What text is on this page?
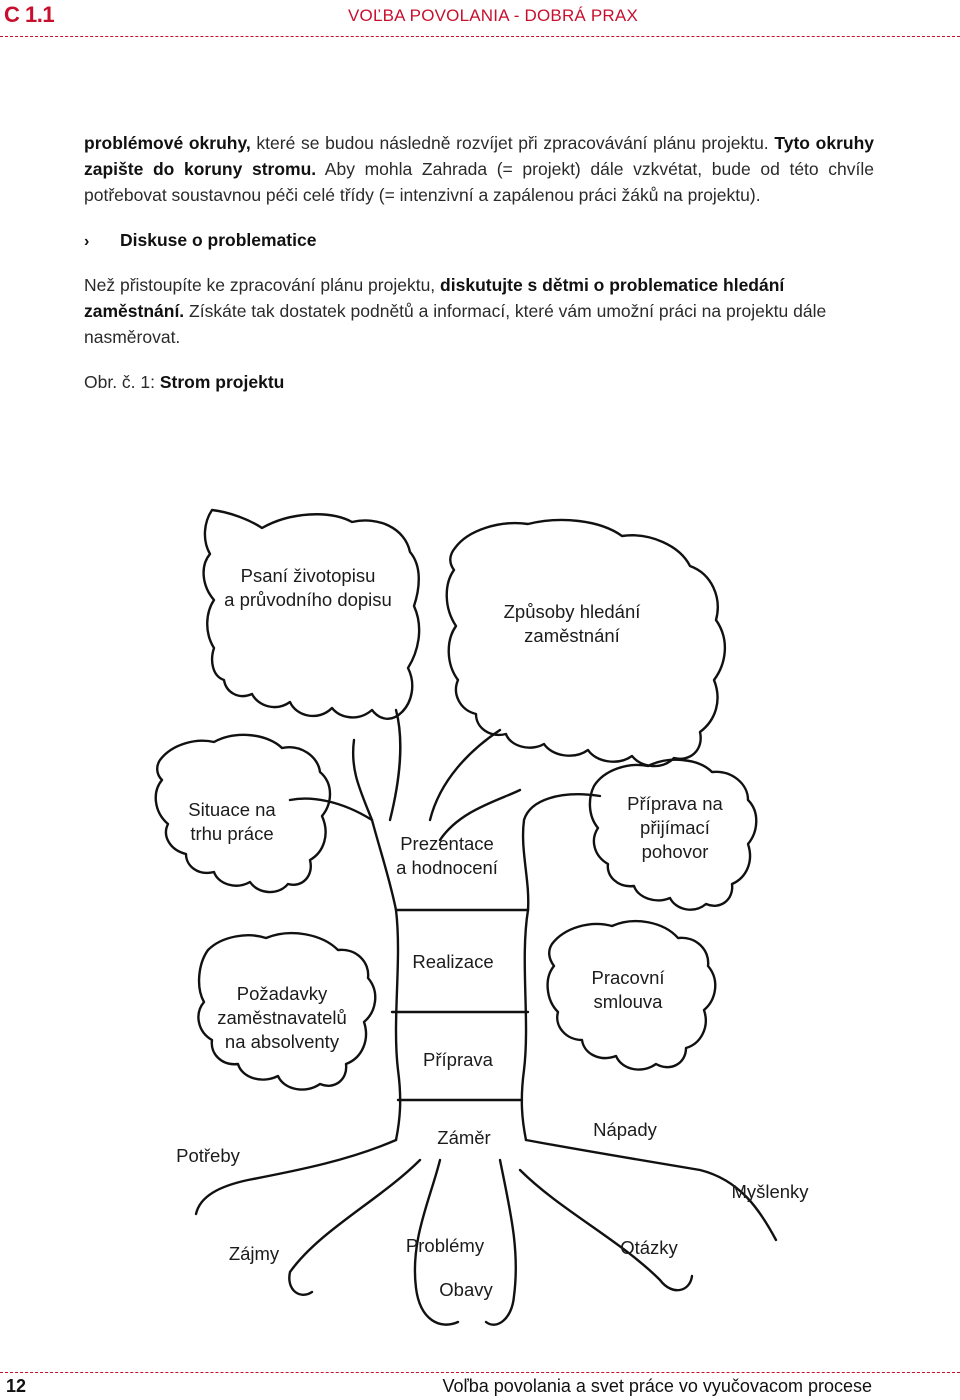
C 1.1	VOĽBA POVOLANIA - DOBRÁ PRAX
problémové okruhy, které se budou následně rozvíjet při zpracovávání plánu projektu. Tyto okruhy zapište do koruny stromu. Aby mohla Zahrada (= projekt) dále vzkvétat, bude od této chvíle potřebovat soustavnou péči celé třídy (= intenzivní a zapálenou práci žáků na projektu).
› Diskuse o problematice
Než přistoupíte ke zpracování plánu projektu, diskutujte s dětmi o problematice hledání zaměstnání. Získáte tak dostatek podnětů a informací, které vám umožní práci na projektu dále nasměrovat.
Obr. č. 1: Strom projektu
Psaní životopisu
a průvodního dopisu
Způsoby hledání
zaměstnání
Situace na
trhu práce	Prezentace
a hodnocení
Příprava na
přijímací
pohovor
Požadavky
zaměstnavatelů
na absolventy
Realizace
Příprava
Pracovní
smlouva
Potřeby
Záměr	Nápady
Myšlenky
Zájmy	Problémy	Otázky
Obavy
12	Voľba povolania a svet práce vo vyučovacom procese
